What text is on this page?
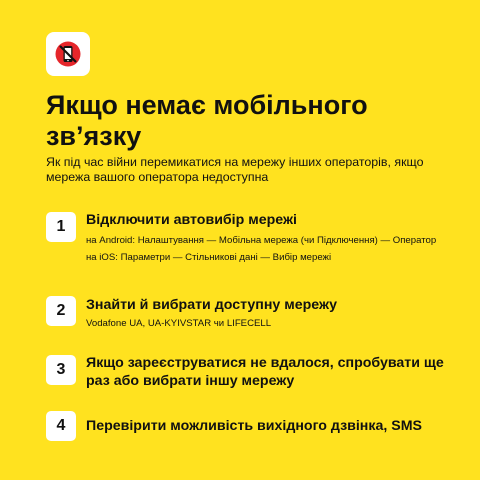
Якщо немає мобільного зв’язку
Як під час війни перемикатися на мережу інших операторів, якщо мережа вашого оператора недоступна
1	Відключити автовибір мережі
на Android: Налаштування — Мобільна мережа (чи Підключення) — Оператор
на iOS: Параметри — Стільникові дані — Вибір мережі
2	Знайти й вибрати доступну мережу
Vodafone UA, UA-KYIVSTAR чи LIFECELL
3	Якщо зареєструватися не вдалося, спробувати ще раз або вибрати іншу мережу
4	Перевірити можливість вихідного дзвінка, SMS
